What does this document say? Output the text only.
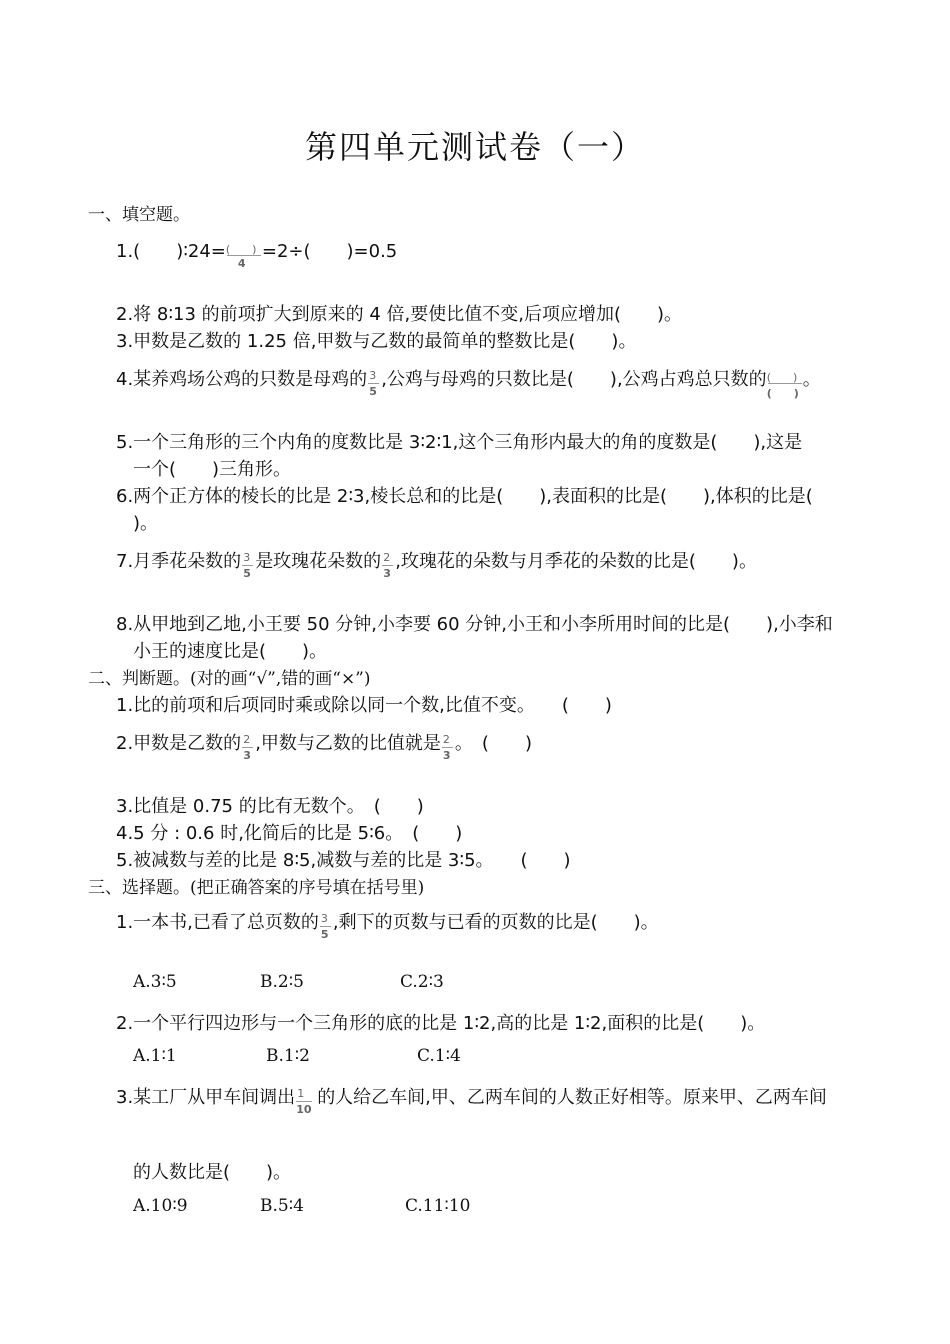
第四单元测试卷（一）
一、填空题。
1.(　　)∶24= $\frac{( )}{4} =2\div$(　　)=0.5
2.将 8∶13 的前项扩大到原来的 4 倍,要使比值不变,后项应增加(　　)。
3.甲数是乙数的 1.25 倍,甲数与乙数的最简单的整数比是(　　)。
4.某养鸡场公鸡的只数是母鸡的 $\frac{3}{5}$ ,公鸡与母鸡的只数比是(　　),公鸡占鸡总只数的 $\frac{( )}{( )}$ 。
5.一个三角形的三个内角的度数比是 3∶2∶1,这个三角形内最大的角的度数是(　　),这是
一个(　　)三角形。
6.两个正方体的棱长的比是 2∶3,棱长总和的比是(　　),表面积的比是(　　),体积的比是(
)。
7.月季花朵数的 $\frac{3}{5}$ 是玫瑰花朵数的 $\frac{2}{3}$ ,玫瑰花的朵数与月季花的朵数的比是(　　)。
8.从甲地到乙地,小王要 50 分钟,小李要 60 分钟,小王和小李所用时间的比是(　　),小李和
小王的速度比是(　　)。
二、判断题。(对的画“√”,错的画“×”)
1.比的前项和后项同时乘或除以同一个数,比值不变。　　(　　)
2.甲数是乙数的 $\frac{2}{3}$ ,甲数与乙数的比值就是 $\frac{2}{3}$ 。　(　　)
3.比值是 0.75 的比有无数个。　(　　)
4.5 分 : 0.6 时,化简后的比是 5∶6。　(　　)
5.被减数与差的比是 8∶5,减数与差的比是 3∶5。　　(　　)
三、选择题。(把正确答案的序号填在括号里)
1.一本书,已看了总页数的 $\frac{3}{5}$ ,剩下的页数与已看的页数的比是(　　)。
A.3∶5	B.2∶5	C.2∶3
2.一个平行四边形与一个三角形的底的比是 1∶2,高的比是 1∶2,面积的比是(　　)。
A.1∶1	B.1∶2	C.1∶4
3.某工厂从甲车间调出 $\frac{1}{10}$ 的人给乙车间,甲、乙两车间的人数正好相等。原来甲、乙两车间
的人数比是(　　)。
A.10∶9	B.5∶4	C.11∶10
